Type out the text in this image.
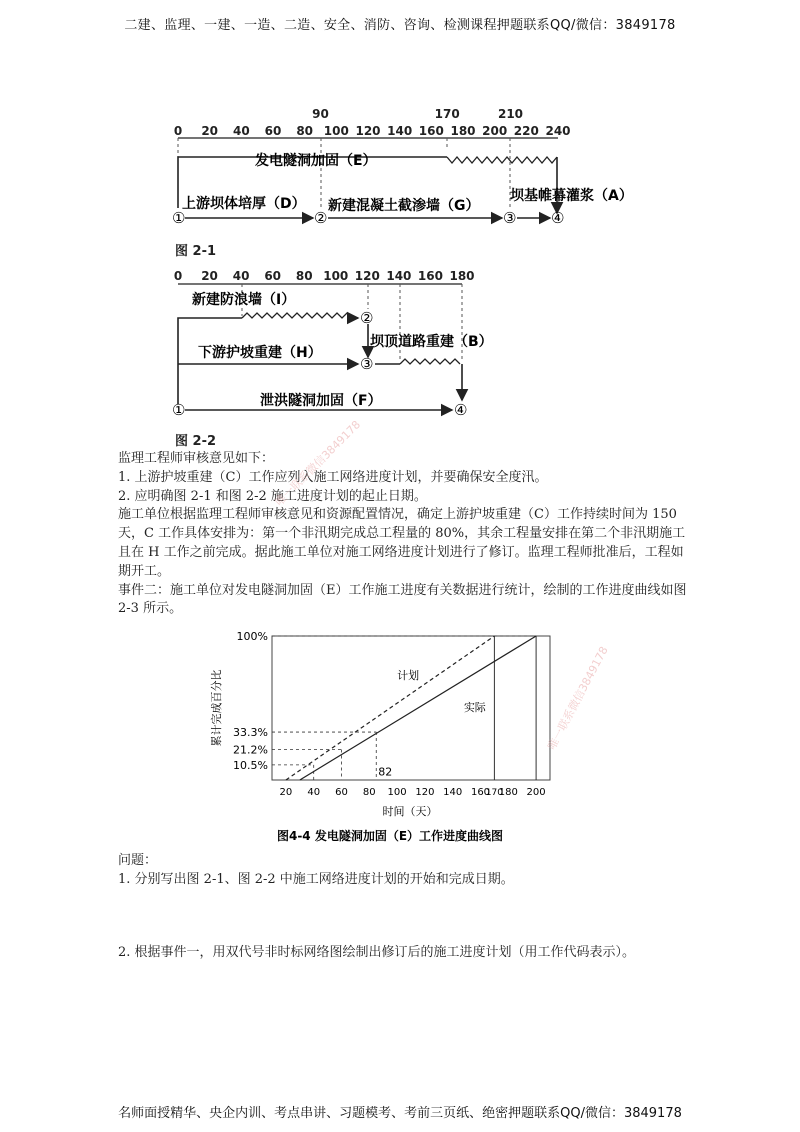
二建、监理、一建、一造、二造、安全、消防、咨询、检测课程押题联系QQ/微信：3849178
0 20 40 60 80 100 120 140 160 180 200 220 240
90	170	210
①	②	③ ④
发电隧洞加固（E）
上游坝体培厚（D） 新建混凝土截渗墙（G）
坝基帷幕灌浆（A）
图 2-1
0 20 40 60 80 100 120 140 160 180
①
②
③
④
新建防浪墙（I）
下游护坡重建（H）
坝顶道路重建（B）
泄洪隧洞加固（F）
图 2-2

监理工程师审核意见如下：

1. 上游护坡重建（C）工作应列入施工网络进度计划，并要确保安全度汛。

2. 应明确图 2-1 和图 2-2 施工进度计划的起止日期。

施工单位根据监理工程师审核意见和资源配置情况，确定上游护坡重建（C）工作持续时间为 150 天，C 工作具体安排为：第一个非汛期完成总工程量的 80%，其余工程量安排在第二个非汛期施工且在 H 工作之前完成。据此施工单位对施工网络进度计划进行了修订。监理工程师批准后，工程如期开工。

事件二：施工单位对发电隧洞加固（E）工作施工进度有关数据进行统计，绘制的工作进度曲线如图 2-3 所示。

10.5%
21.2%
33.3%
100%
20 40 60 80 100 120 140 160
170
180 200
计划
实际
82
累计完成百分比
图4-4 发电隧洞加固（E）工作进度曲线图
时间（天）

问题：

1. 分别写出图 2-1、图 2-2 中施工网络进度计划的开始和完成日期。

2. 根据事件一，用双代号非时标网络图绘制出修订后的施工进度计划（用工作代码表示）。

唯一联系微信3849178
唯一联系微信3849178
名师面授精华、央企内训、考点串讲、习题模考、考前三页纸、绝密押题联系QQ/微信：3849178
